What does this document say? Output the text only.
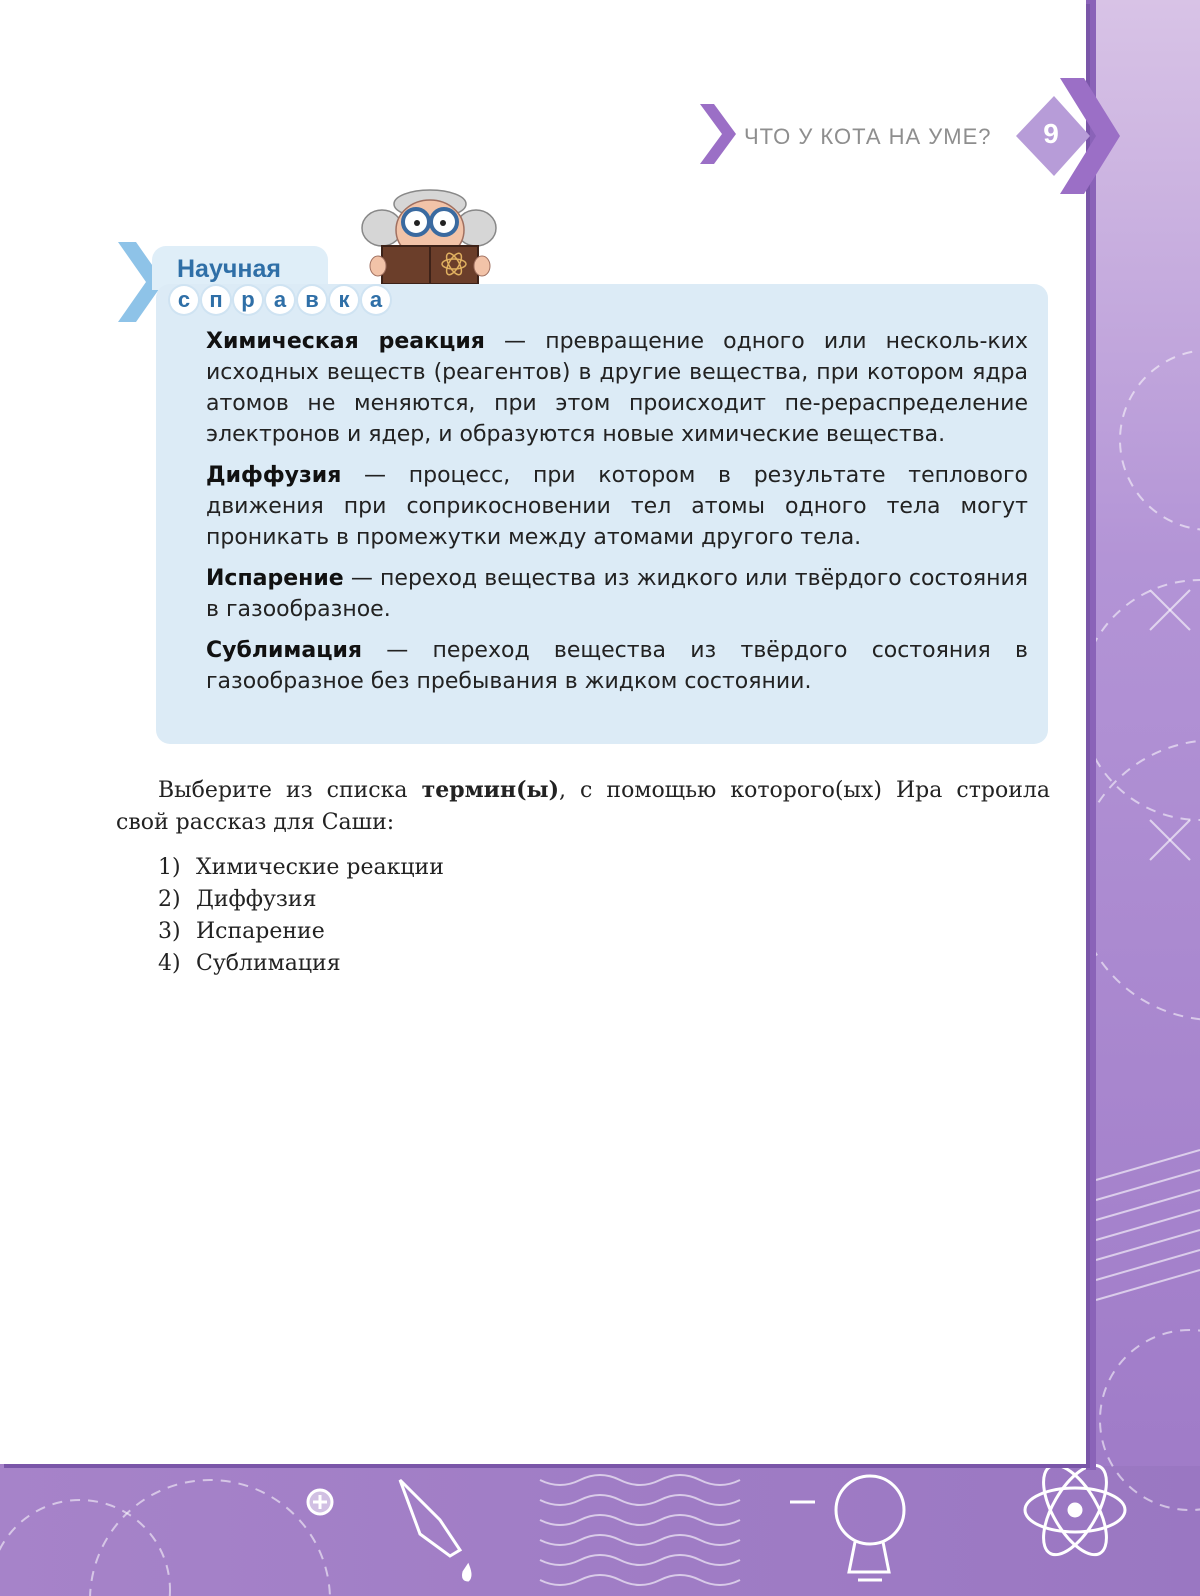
ЧТО У КОТА НА УМЕ?	9
Научная
с п р а в к а

Химическая реакция — превращение одного или несколь-ких исходных веществ (реагентов) в другие вещества, при котором ядра атомов не меняются, при этом происходит пе-рераспределение электронов и ядер, и образуются новые химические вещества.

Диффузия — процесс, при котором в результате теплового движения при соприкосновении тел атомы одного тела могут проникать в промежутки между атомами другого тела.

Испарение — переход вещества из жидкого или твёрдого состояния в газообразное.

Сублимация — переход вещества из твёрдого состояния в газообразное без пребывания в жидком состоянии.

Выберите из списка термин(ы), с помощью которого(ых) Ира строила свой рассказ для Саши:
1) Химические реакции
2) Диффузия
3) Испарение
4) Сублимация
